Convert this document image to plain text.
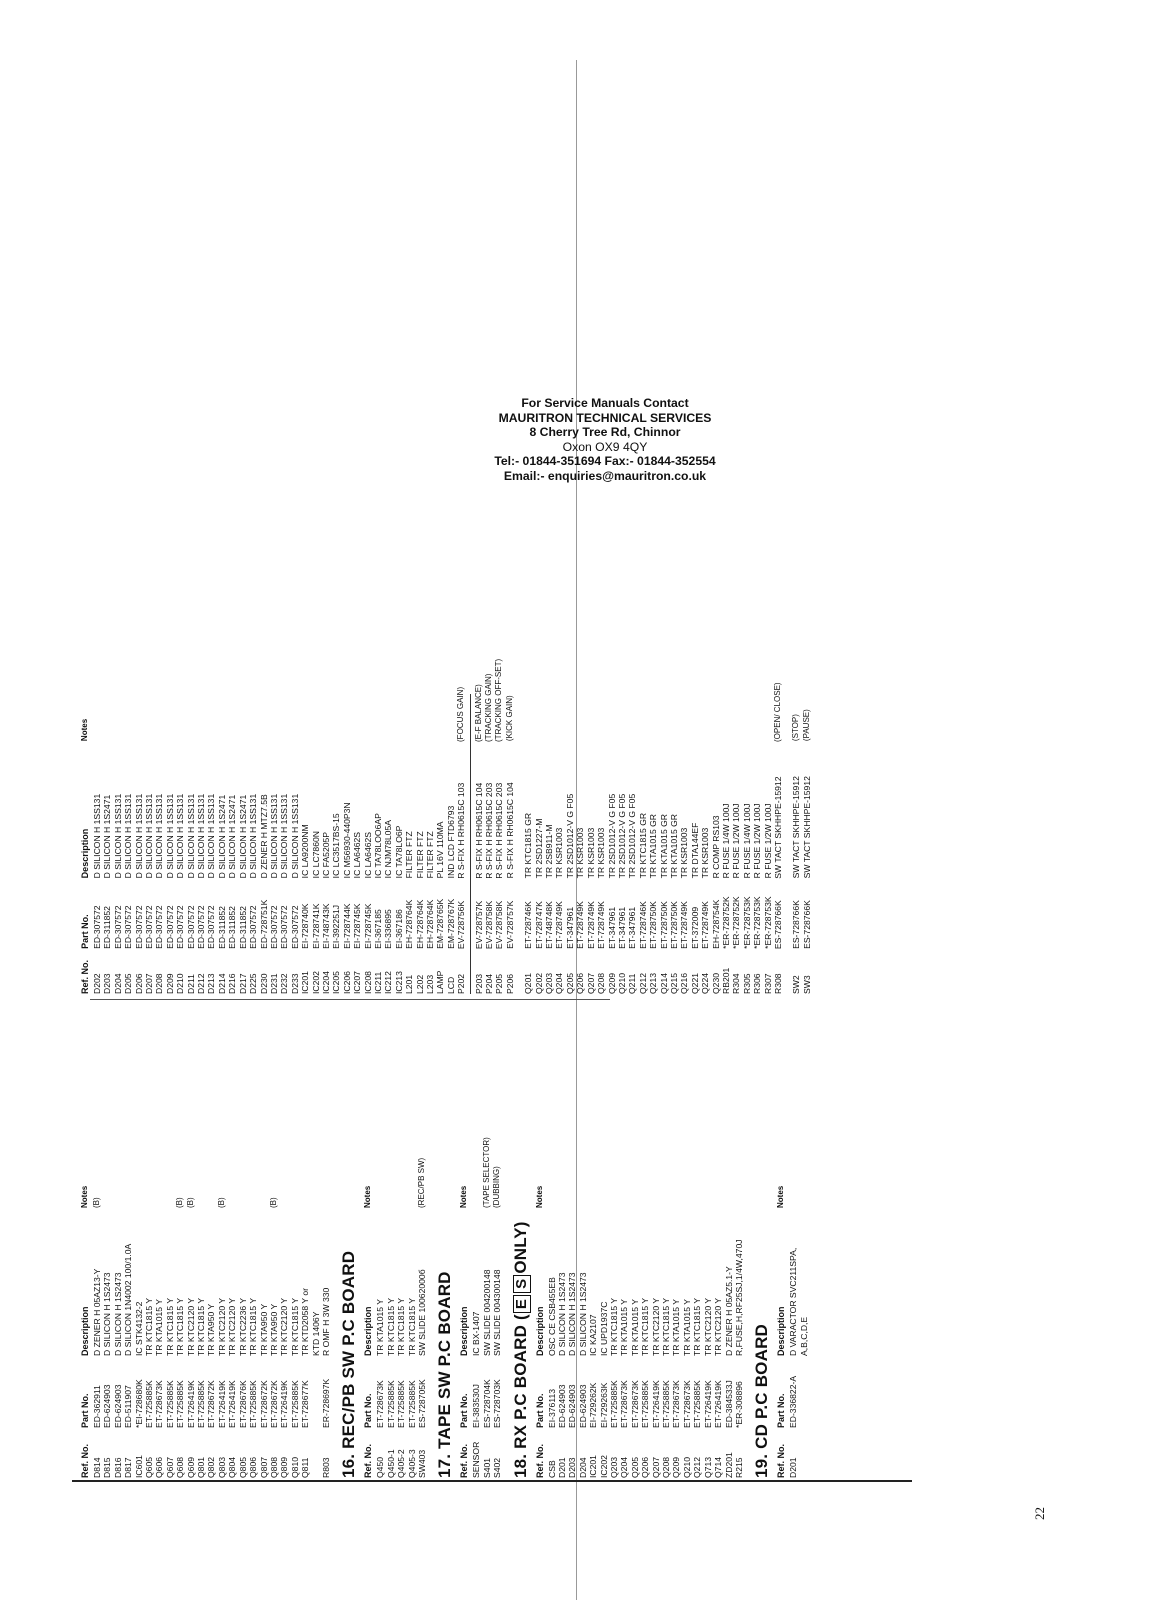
For Service Manuals Contact
MAURITRON TECHNICAL SERVICES
8 Cherry Tree Rd, Chinnor
Oxon OX9 4QY
Tel:- 01844-351694 Fax:- 01844-352554
Email:- enquiries@mauritron.co.uk
Ref. No.
Part No.
Description
Notes
D814
ED-362911
D ZENER H 05AZ13-Y
(B)
D815
ED-624903
D SILICON H 1S2473
D816
ED-624903
D SILICON H 1S2473
D817
ED-511907
D SILICON 1N4002 100/1.0A
IC601
*EI-728680K
IC STK4132-2
Q605
ET-725885K
TR KTC1815 Y
Q606
ET-728673K
TR KTA1015 Y
Q607
ET-725885K
TR KTC1815 Y
Q608
ET-725885K
TR KTC1815 Y
(B)
Q609
ET-726419K
TR KTC2120 Y
(B)
Q801
ET-725885K
TR KTC1815 Y
Q802
ET-728672K
TR KTA950 Y
Q803
ET-726419K
TR KTC2120 Y
(B)
Q804
ET-726419K
TR KTC2120 Y
Q805
ET-728676K
TR KTC2236 Y
Q806
ET-725885K
TR KTC1815 Y
Q807
ET-728672K
TR KTA950 Y
Q808
ET-728672K
TR KTA950 Y
(B)
Q809
ET-726419K
TR KTC2120 Y
Q810
ET-725885K
TR KTC1815 Y
Q811
ET-728677K
TR KTD2058 Y or KTD 1406Y
R803
ER-728697K
R OMF H 3W 330 16. REC/PB SW P.C BOARD Ref. No.
Part No.
Description
Notes
Q450
ET-728673K
TR KTA1015 Y
Q450-1
ET-725885K
TR KTC1815 Y
Q405-2
ET-725885K
TR KTC1815 Y
Q405-3
ET-725885K
TR KTC1815 Y
SW403
ES-728705K
SW SLIDE 10062000б
(REC/PB SW)
17. TAPE SW P.C BOARD Ref. No.
Part No.
Description
Notes
SENSOR
EI-383530J
IC BX-1407
S401
ES-728704K
SW SLIDE 004200148
(TAPE SELECTOR)
S402
ES-728703K
SW SLIDE 004300148
(DUBBING)
18. RX P.C BOARD (ESONLY)
Ref. No.
Part No.
Description
Notes
CSB
EI-376113
OSC CE CSB455EB
D201
ED-624903
D SILICON H 1S2473
D203
ED-624903
D SILICON H 1S2473
D204
ED-624903
D SILICON H 1S2473
IC201
EI-729262K
IC KA2107
IC202
EI-729263K
IC UPD1937C
Q203
ET-725885K
TR KTC1815 Y
Q204
ET-728673K
TR KTA1015 Y
Q205
ET-728673K
TR KTA1015 Y
Q206
ET-725885K
TR KTC1815 Y
Q207
ET-726419K
TR KTC2120 Y
Q208
ET-725885K
TR KTC1815 Y
Q209
ET-728673K
TR KTA1015 Y
Q210
ET-728673K
TR KTA1015 Y
Q212
ET-725885K
TR KTC1815 Y
Q713
ET-726419K
TR KTC2120 Y
Q714
ET-726419K
TR KTC2120 Y
ZD201
ED-384533J
D ZENER H 05AZ5.1-Y
R215
*ER-308896
R,FUSE,H,RF25SJ,1/4W,470J
19. CD P.C BOARD Ref. No.
Part No.
Description
Notes
D201
ED-336822-A
D VARACTOR SVC211SPA, A,B,C,D,E
Ref. No.
Part No.
Description
Notes
D202
ED-307572
D SILICON H 1SS131
D203
ED-311852
D SILICON H 1S2471
D204
ED-307572
D SILICON H 1SS131
D205
ED-307572
D SILICON H 1SS131
D206
ED-307572
D SILICON H 1SS131
D207
ED-307572
D SILICON H 1SS131
D208
ED-307572
D SILICON H 1SS131
D209
ED-307572
D SILICON H 1SS131
D210
ED-307572
D SILICON H 1SS131
D211
ED-307572
D SILICON H 1SS131
D212
ED-307572
D SILICON H 1SS131
D213
ED-307572
D SILICON H 1SS131
D214
ED-311852
D SILICON H 1S2471
D216
ED-311852
D SILICON H 1S2471
D217
ED-311852
D SILICON H 1S2471
D225
ED-307572
D SILICON H 1SS131
D230
ED-728751K
D ZENER H MTZ7.5B
D231
ED-307572
D SILICON H 1SS131
D232
ED-307572
D SILICON H 1SS131
D233
ED-307572
D SILICON H 1SS131
IC201
EI-728740K
IC LA9200NM
IC202
EI-728741K
IC LC7860N
IC204
EI-748743K
IC FA5205P
IC205
EI-392251J
IC LC3517BS-15
IC206
EI-728744K
IC M56930-440P3N
IC207
EI-728745K
IC LA6462S
IC208
EI-728745K
IC LA6462S
IC211
EI-367185
IC TA78LOO6AP
IC212
EI-336895
IC NJM78L05A
IC213
EI-367186
IC TA78LO6P
L201
EH-728764K
FILTER FTZ
L202
EH-728764K
FILTER FTZ
L203
EH-728764K
FILTER FTZ
LAMP
EM-728765K
PL 16V 110MA
LCD
EM-728767K
IND LCD FTD6793
P202
EV-728756K
R S-FIX H RH0615C 103
(FOCUS GAIN)
P203
EV-728757K
R S-FIX H RH0615C 104
(E-F BALANCE)
P204
EV-728758K
R S-FIX H RH0615C 203
(TRACKING GAIN)
P205
EV-728758K
R S-FIX H RH0615C 203
(TRACKING OFF-SET)
P206
EV-728757K
R S-FIX H RH0615C 104
(KICK GAIN)
Q201
ET-728746K
TR KTC1815 GR
Q202
ET-728747K
TR 2SD1227-M
Q203
ET-748748K
TR 2SB911-M
Q204
ET-728749K
TR KSR1003
Q205
ET-347961
TR 2SD1012-V G F05
Q206
ET-728749K
TR KSR1003
Q207
ET-728749K
TR KSR1003
Q208
ET-728749K
TR KSR1003
Q209
ET-347961
TR 2SD1012-V G F05
Q210
ET-347961
TR 2SD1012-V G F05
Q211
ET-347961
TR 2SD1012-V G F05
Q212
ET-728746K
TR KTC1815 GR
Q213
ET-728750K
TR KTA1015 GR
Q214
ET-728750K
TR KTA1015 GR
Q215
ET-728750K
TR KTA1015 GR
Q216
ET-728749K
TR KSR1003
Q221
ET-372009
TR DTA144EF
Q224
ET-728749K
TR KSR1003
Q230
EH-728754K
R COMP RS103
RB201
*ER-728752K
R FUSE 1/4W 100J
R304
*ER-728752K
R FUSE 1/2W 100J
R305
*ER-728753K
R FUSE 1/4W 100J
R306
*ER-728753K
R FUSE 1/2W 100J
R307
*ER-728753K
R FUSE 1/2W 100J
R308
ES-728766K
SW TACT SKHHPE-15912
(OPEN/ CLOSE)
SW2
ES-728766K
SW TACT SKHHPE-15912
(STOP)
SW3
ES-728766K
SW TACT SKHHPE-15912
(PAUSE)
22
